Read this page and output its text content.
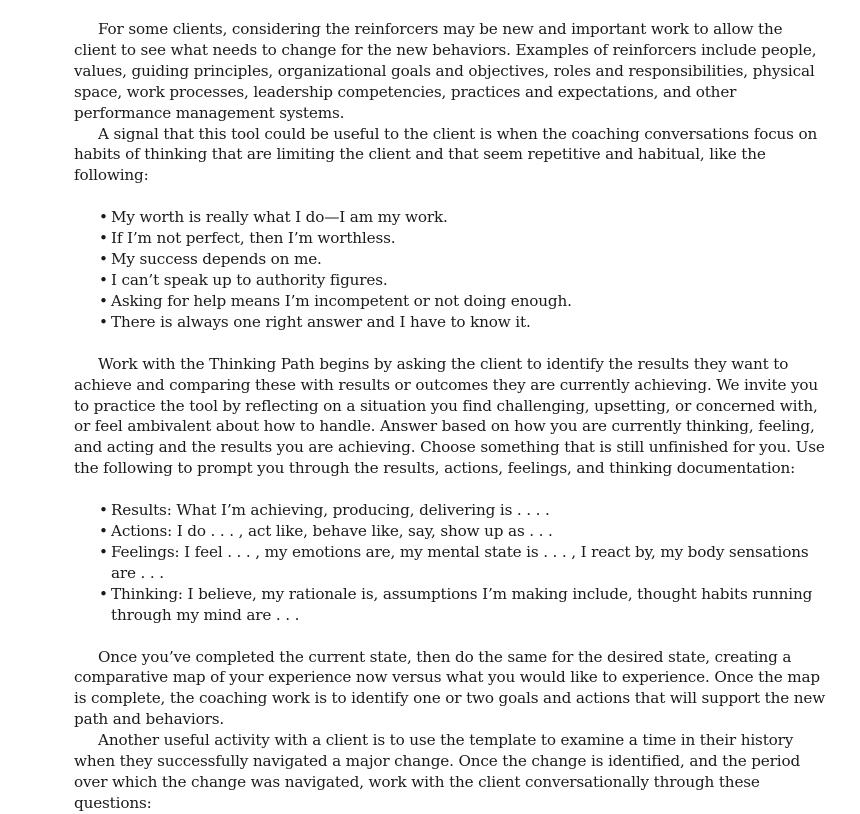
For some clients, considering the reinforcers may be new and important work to allow the client to see what needs to change for the new behaviors. Examples of reinforcers include people, values, guiding principles, organizational goals and objectives, roles and responsibilities, physical space, work processes, leadership competencies, practices and expectations, and other performance management systems.

A signal that this tool could be useful to the client is when the coaching conversations focus on habits of thinking that are limiting the client and that seem repetitive and habitual, like the following:

• My worth is really what I do—I am my work.
• If I’m not perfect, then I’m worthless.
• My success depends on me.
• I can’t speak up to authority figures.
• Asking for help means I’m incompetent or not doing enough.
• There is always one right answer and I have to know it.

Work with the Thinking Path begins by asking the client to identify the results they want to achieve and comparing these with results or outcomes they are currently achieving. We invite you to practice the tool by reflecting on a situation you find challenging, upsetting, or concerned with, or feel ambivalent about how to handle. Answer based on how you are currently thinking, feeling, and acting and the results you are achieving. Choose something that is still unfinished for you. Use the following to prompt you through the results, actions, feelings, and thinking documentation:

• Results: What I’m achieving, producing, delivering is . . . .
• Actions: I do . . . , act like, behave like, say, show up as . . .
• Feelings: I feel . . . , my emotions are, my mental state is . . . , I react by, my body sensations are . . .
• Thinking: I believe, my rationale is, assumptions I’m making include, thought habits running through my mind are . . .

Once you’ve completed the current state, then do the same for the desired state, creating a comparative map of your experience now versus what you would like to experience. Once the map is complete, the coaching work is to identify one or two goals and actions that will support the new path and behaviors.

Another useful activity with a client is to use the template to examine a time in their history when they successfully navigated a major change. Once the change is identified, and the period over which the change was navigated, work with the client conversationally through these questions:
